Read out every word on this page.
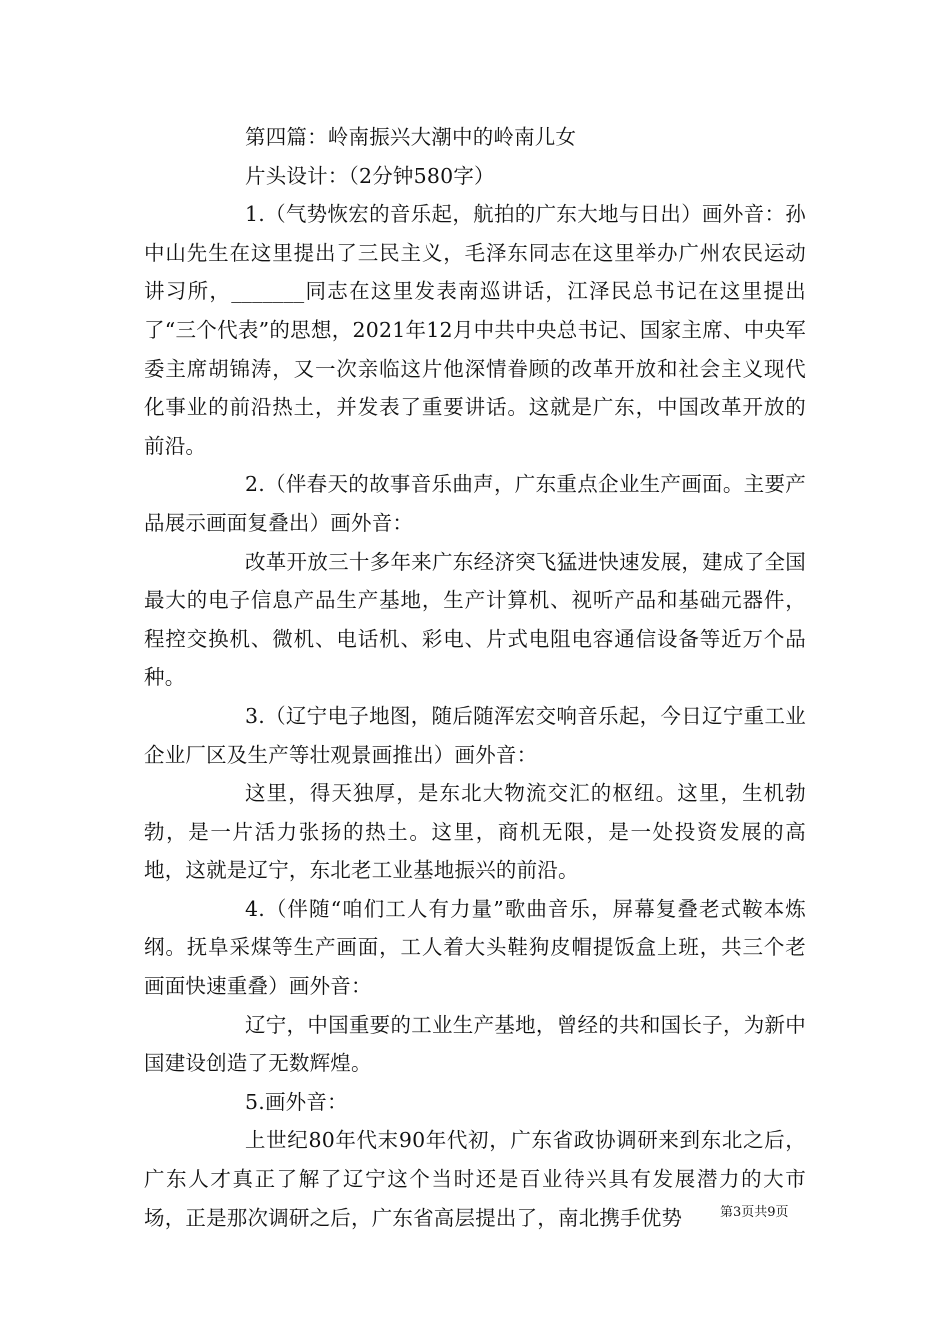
第四篇：岭南振兴大潮中的岭南儿女

片头设计：（2分钟580字）

1.（气势恢宏的音乐起，航拍的广东大地与日出）画外音：孙中山先生在这里提出了三民主义，毛泽东同志在这里举办广州农民运动讲习所，_______同志在这里发表南巡讲话，江泽民总书记在这里提出了“三个代表”的思想，2021年12月中共中央总书记、国家主席、中央军委主席胡锦涛，又一次亲临这片他深情眷顾的改革开放和社会主义现代化事业的前沿热土，并发表了重要讲话。这就是广东，中国改革开放的前沿。

2.（伴春天的故事音乐曲声，广东重点企业生产画面。主要产品展示画面复叠出）画外音：

改革开放三十多年来广东经济突飞猛进快速发展，建成了全国最大的电子信息产品生产基地，生产计算机、视听产品和基础元器件，程控交换机、微机、电话机、彩电、片式电阻电容通信设备等近万个品种。

3.（辽宁电子地图，随后随浑宏交响音乐起，今日辽宁重工业企业厂区及生产等壮观景画推出）画外音：

这里，得天独厚，是东北大物流交汇的枢纽。这里，生机勃勃，是一片活力张扬的热土。这里，商机无限，是一处投资发展的高地，这就是辽宁，东北老工业基地振兴的前沿。

4.（伴随“咱们工人有力量”歌曲音乐，屏幕复叠老式鞍本炼纲。抚阜采煤等生产画面，工人着大头鞋狗皮帽提饭盒上班，共三个老画面快速重叠）画外音：

辽宁，中国重要的工业生产基地，曾经的共和国长子，为新中国建设创造了无数辉煌。

5.画外音：

上世纪80年代末90年代初，广东省政协调研来到东北之后，广东人才真正了解了辽宁这个当时还是百业待兴具有发展潜力的大市场，正是那次调研之后，广东省高层提出了，南北携手优势	第3页共9页
